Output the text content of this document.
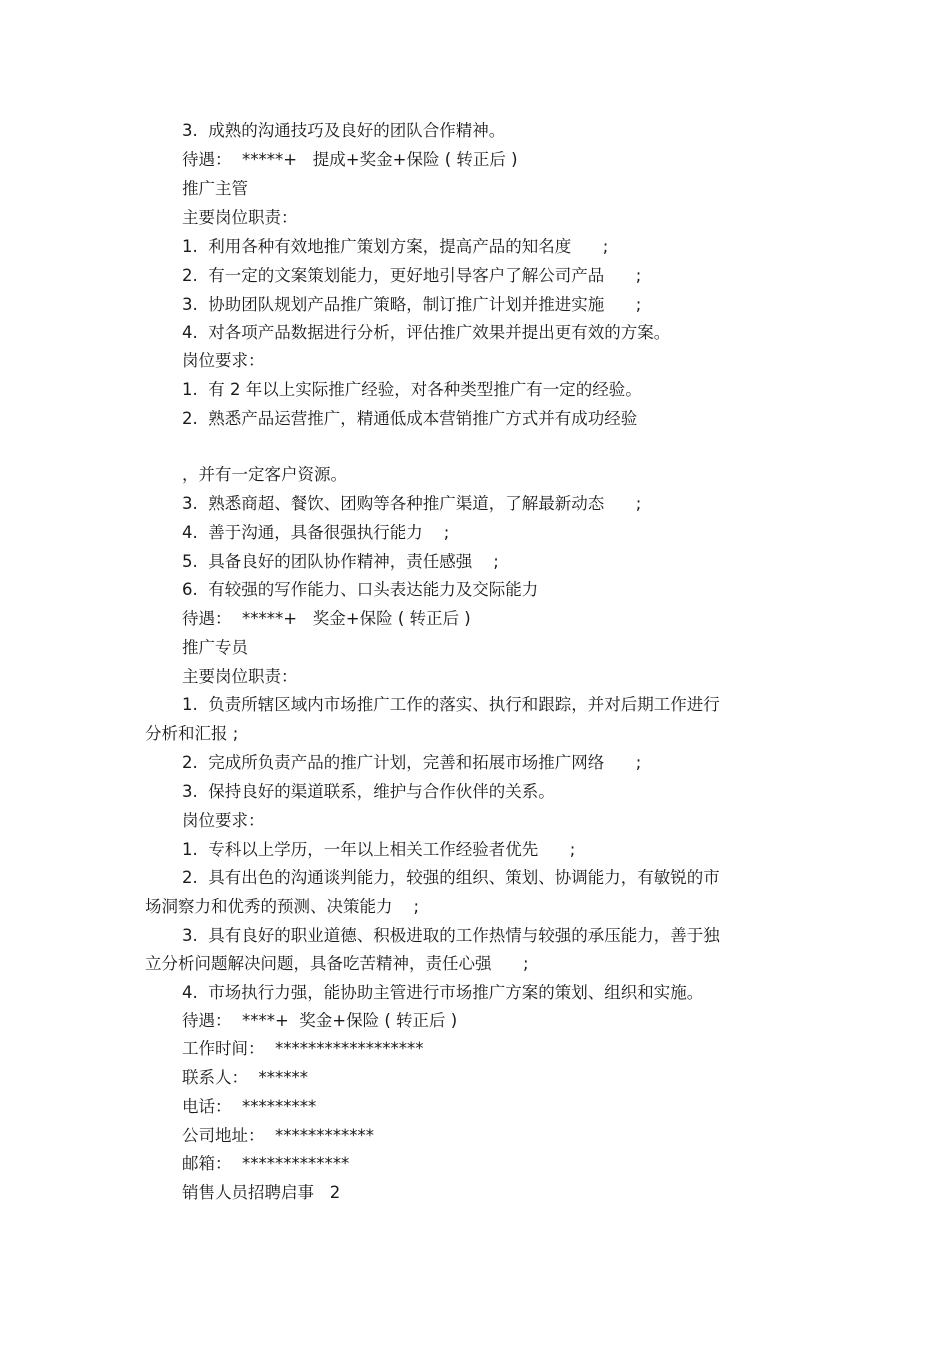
3.  成熟的沟通技巧及良好的团队合作精神。
待遇：  *****+   提成+奖金+保险 ( 转正后 )
推广主管
主要岗位职责：
1.  利用各种有效地推广策划方案，提高产品的知名度      ;
2.  有一定的文案策划能力，更好地引导客户了解公司产品      ;
3.  协助团队规划产品推广策略，制订推广计划并推进实施      ;
4.  对各项产品数据进行分析，评估推广效果并提出更有效的方案。
岗位要求：
1.  有 2 年以上实际推广经验，对各种类型推广有一定的经验。
2.  熟悉产品运营推广，精通低成本营销推广方式并有成功经验
，并有一定客户资源。
3.  熟悉商超、餐饮、团购等各种推广渠道，了解最新动态      ;
4.  善于沟通，具备很强执行能力    ;
5.  具备良好的团队协作精神，责任感强    ;
6.  有较强的写作能力、口头表达能力及交际能力
待遇：  *****+   奖金+保险 ( 转正后 )
推广专员
主要岗位职责：
1.  负责所辖区域内市场推广工作的落实、执行和跟踪，并对后期工作进行
分析和汇报 ;
2.  完成所负责产品的推广计划，完善和拓展市场推广网络      ;
3.  保持良好的渠道联系，维护与合作伙伴的关系。
岗位要求：
1.  专科以上学历，一年以上相关工作经验者优先      ;
2.  具有出色的沟通谈判能力，较强的组织、策划、协调能力，有敏锐的市
场洞察力和优秀的预测、决策能力    ;
3.  具有良好的职业道德、积极进取的工作热情与较强的承压能力，善于独
立分析问题解决问题，具备吃苦精神，责任心强      ;
4.  市场执行力强，能协助主管进行市场推广方案的策划、组织和实施。
待遇：  ****+  奖金+保险 ( 转正后 )
工作时间：  ******************
联系人：  ******
电话：  *********
公司地址：  ************
邮箱：  *************
销售人员招聘启事   2
